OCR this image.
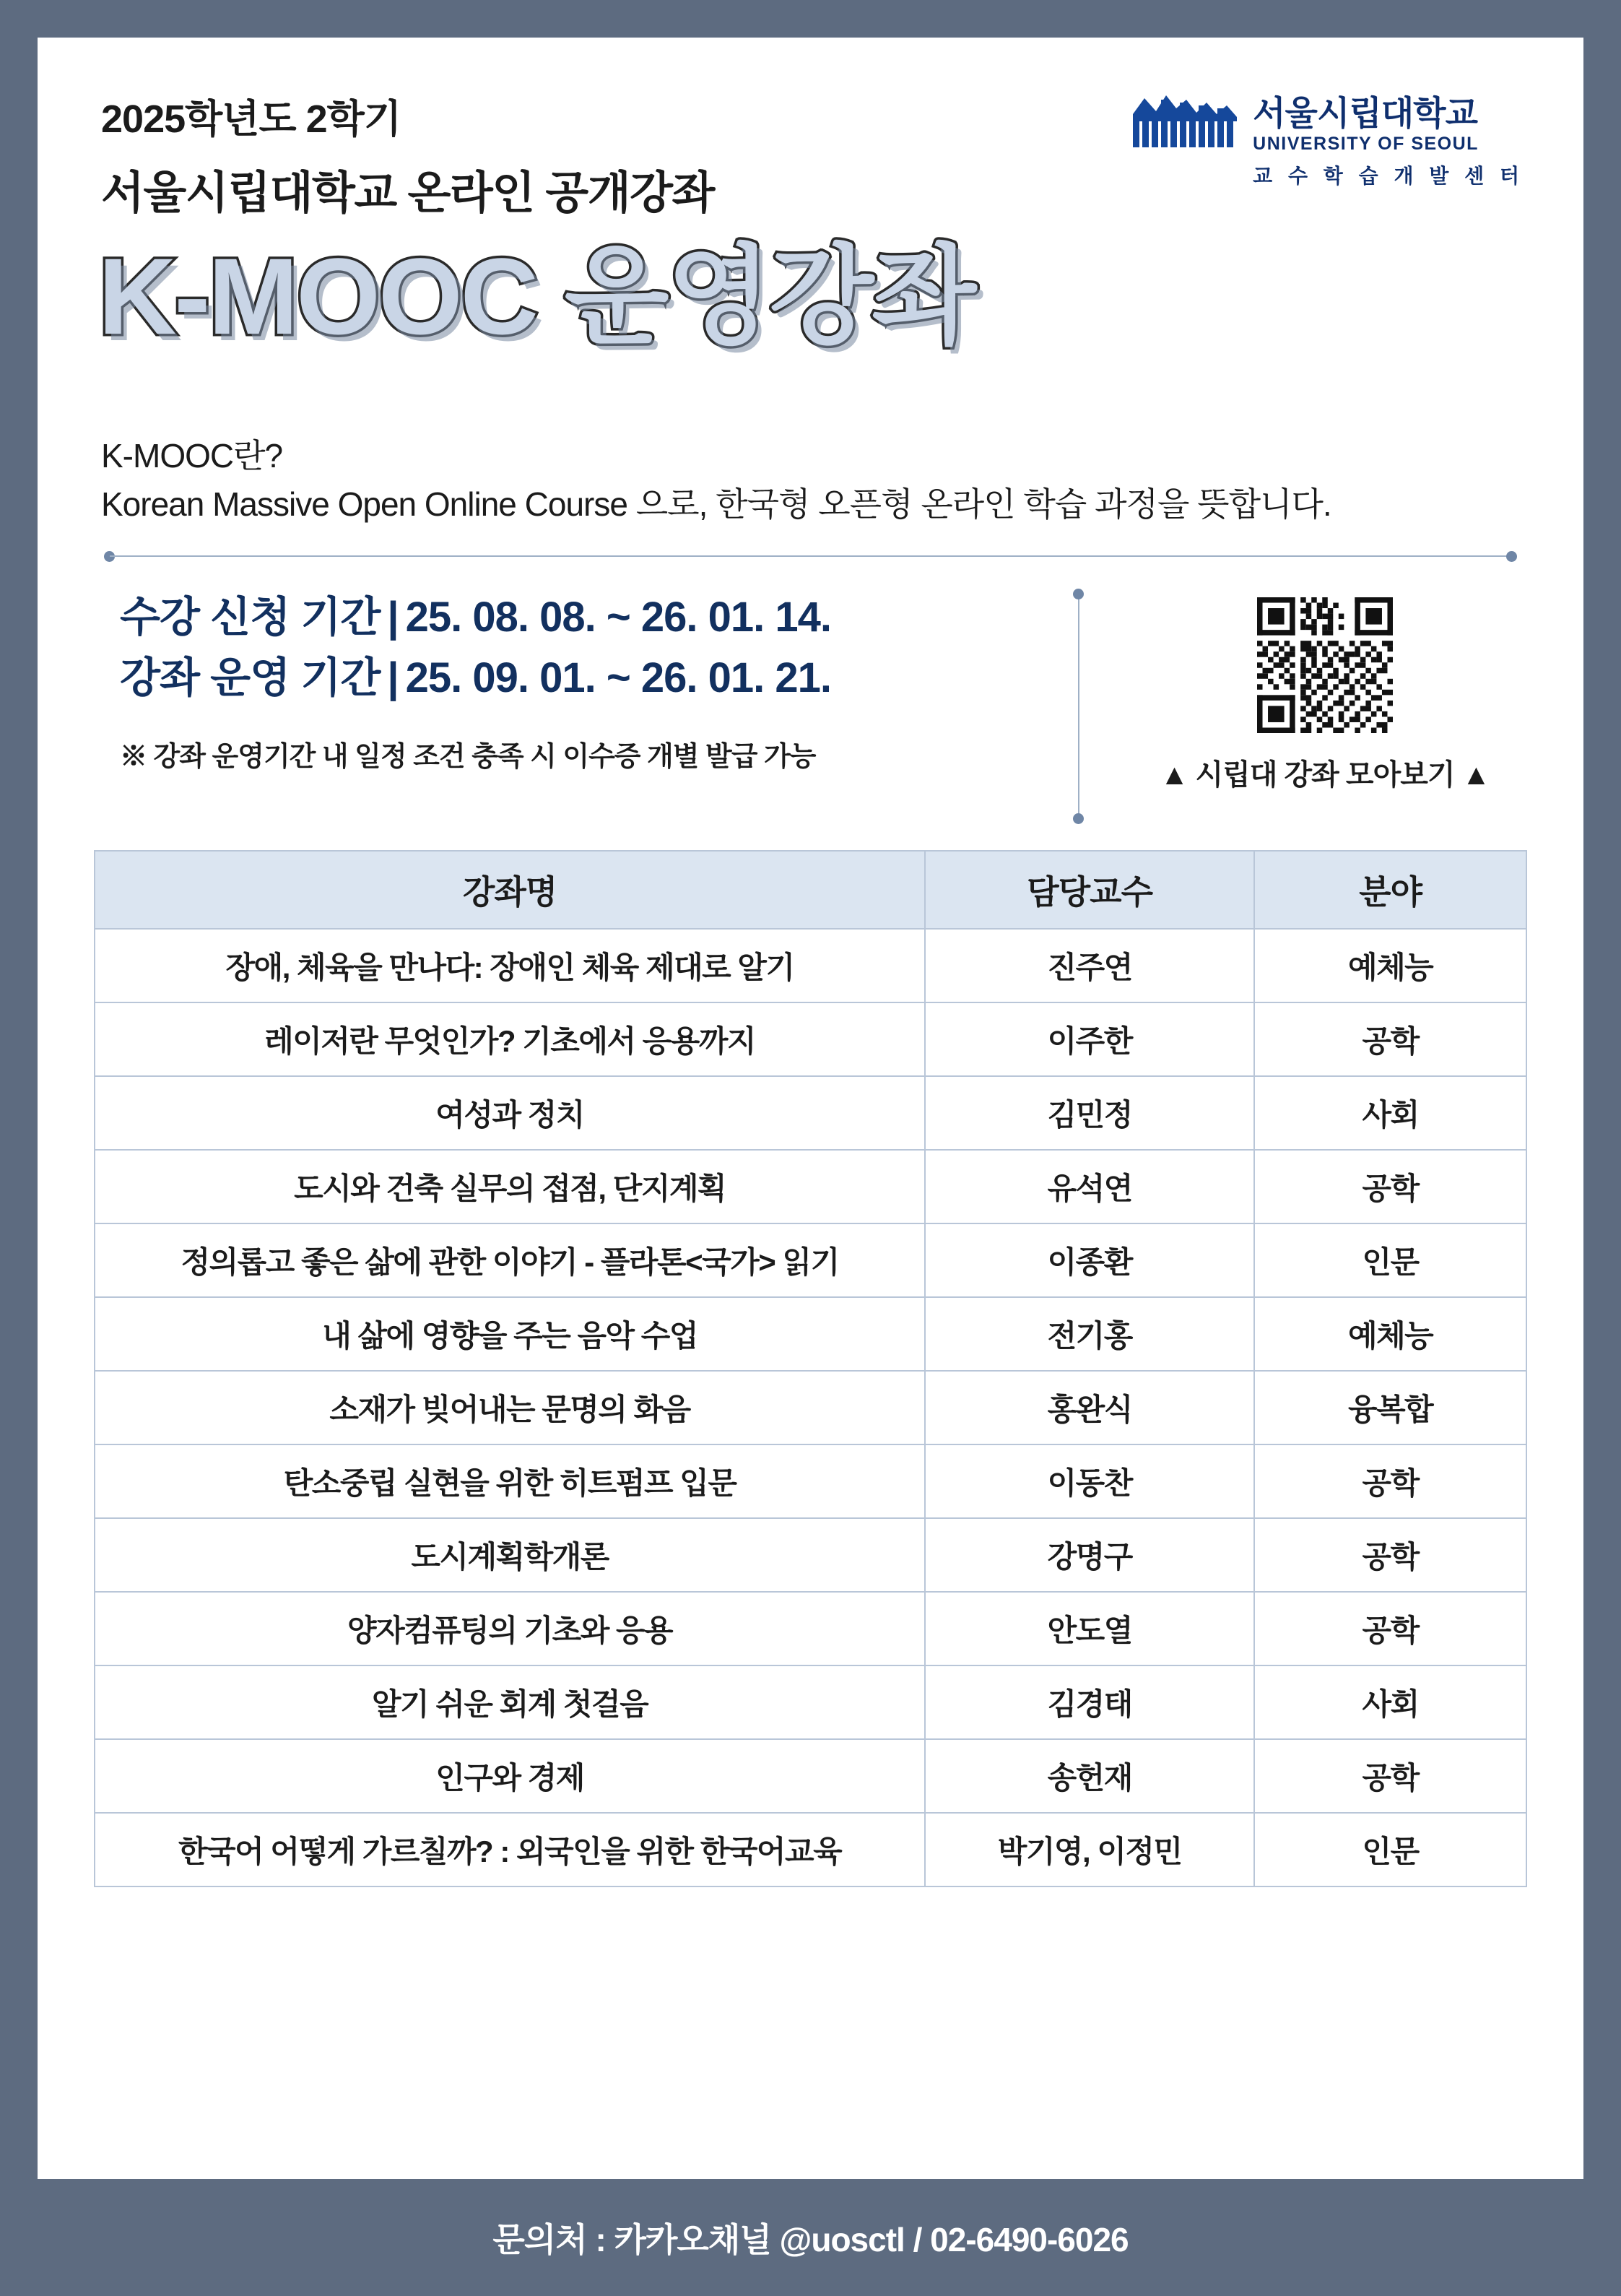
2025학년도 2학기
서울시립대학교 온라인 공개강좌
K-MOOC 운영강좌
서울시립대학교
UNIVERSITY OF SEOUL
교 수 학 습 개 발 센 터
K-MOOC란?
Korean Massive Open Online Course 으로, 한국형 오픈형 온라인 학습 과정을 뜻합니다.
수강 신청 기간 | 25. 08. 08. ~ 26. 01. 14.
강좌 운영 기간 | 25. 09. 01. ~ 26. 01. 21.
※ 강좌 운영기간 내 일정 조건 충족 시 이수증 개별 발급 가능
▲ 시립대 강좌 모아보기 ▲
강좌명	담당교수	분야
장애, 체육을 만나다: 장애인 체육 제대로 알기	진주연	예체능
레이저란 무엇인가? 기초에서 응용까지	이주한	공학
여성과 정치	김민정	사회
도시와 건축 실무의 접점, 단지계획	유석연	공학
정의롭고 좋은 삶에 관한 이야기 - 플라톤<국가> 읽기	이종환	인문
내 삶에 영향을 주는 음악 수업	전기홍	예체능
소재가 빚어내는 문명의 화음	홍완식	융복합
탄소중립 실현을 위한 히트펌프 입문	이동찬	공학
도시계획학개론	강명구	공학
양자컴퓨팅의 기초와 응용	안도열	공학
알기 쉬운 회계 첫걸음	김경태	사회
인구와 경제	송헌재	공학
한국어 어떻게 가르칠까? : 외국인을 위한 한국어교육	박기영, 이정민	인문
문의처 : 카카오채널 @uosctl / 02-6490-6026
